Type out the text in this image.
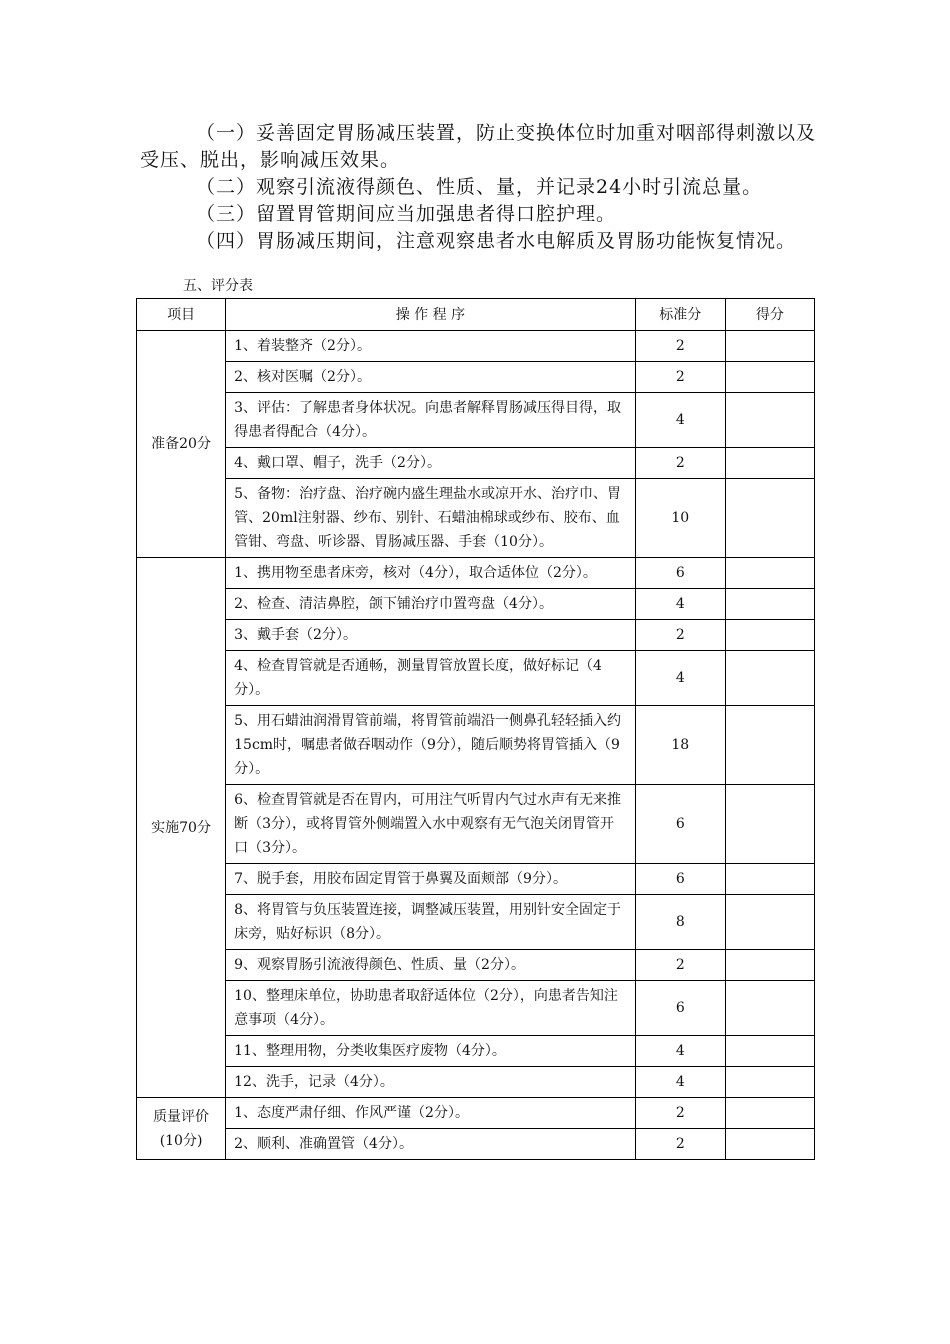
（一）妥善固定胃肠减压装置，防止变换体位时加重对咽部得刺激以及受压、脱出，影响减压效果。

（二）观察引流液得颜色、性质、量，并记录24小时引流总量。

（三）留置胃管期间应当加强患者得口腔护理。

（四）胃肠减压期间，注意观察患者水电解质及胃肠功能恢复情况。

五、评分表
项目	操 作 程 序	标准分	得分
准备20分	1、着装整齐（2分）。	2	
	2、核对医嘱（2分）。	2	
	3、评估：了解患者身体状况。向患者解释胃肠减压得目得，取得患者得配合（4分）。	4	
	4、戴口罩、帽子，洗手（2分）。	2	
	5、备物：治疗盘、治疗碗内盛生理盐水或凉开水、治疗巾、胃管、20ml注射器、纱布、别针、石蜡油棉球或纱布、胶布、血管钳、弯盘、听诊器、胃肠减压器、手套（10分）。	10	
实施70分	1、携用物至患者床旁，核对（4分），取合适体位（2分）。	6	
	2、检查、清洁鼻腔，颌下铺治疗巾置弯盘（4分）。	4	
	3、戴手套（2分）。	2	
	4、检查胃管就是否通畅，测量胃管放置长度，做好标记（4分）。	4	
	5、用石蜡油润滑胃管前端，将胃管前端沿一侧鼻孔轻轻插入约15cm时，嘱患者做吞咽动作（9分），随后顺势将胃管插入（9分）。	18	
	6、检查胃管就是否在胃内，可用注气听胃内气过水声有无来推断（3分），或将胃管外侧端置入水中观察有无气泡关闭胃管开口（3分）。	6	
	7、脱手套，用胶布固定胃管于鼻翼及面颊部（9分）。	6	
	8、将胃管与负压装置连接，调整减压装置，用别针安全固定于床旁，贴好标识（8分）。	8	
	9、观察胃肠引流液得颜色、性质、量（2分）。	2	
	10、整理床单位，协助患者取舒适体位（2分），向患者告知注意事项（4分）。	6	
	11、整理用物，分类收集医疗废物（4分）。	4	
	12、洗手，记录（4分）。	4	
质量评价(10分)	1、态度严肃仔细、作风严谨（2分）。	2	
	2、顺利、准确置管（4分）。	2	
